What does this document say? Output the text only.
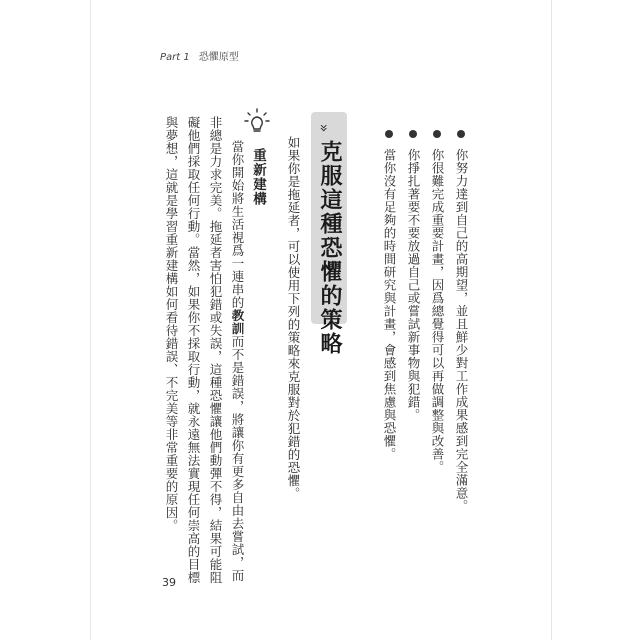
Part 1 恐懼原型
你努力達到自己的高期望，並且鮮少對工作成果感到完全滿意。
你很難完成重要計畫，因爲總覺得可以再做調整與改善。
你掙扎著要不要放過自己或嘗試新事物與犯錯。
當你沒有足夠的時間研究與計畫，會感到焦慮與恐懼。
»
克服這種恐懼的策略
如果你是拖延者，可以使用下列的策略來克服對於犯錯的恐懼。
重新建構
當你開始將生活視爲一連串的教訓而不是錯誤，將讓你有更多自由去嘗試，而
非總是力求完美。拖延者害怕犯錯或失誤，這種恐懼讓他們動彈不得，結果可能阻
礙他們採取任何行動。當然，如果你不採取行動，就永遠無法實現任何崇高的目標
與夢想，這就是學習重新建構如何看待錯誤、不完美等非常重要的原因。
39
